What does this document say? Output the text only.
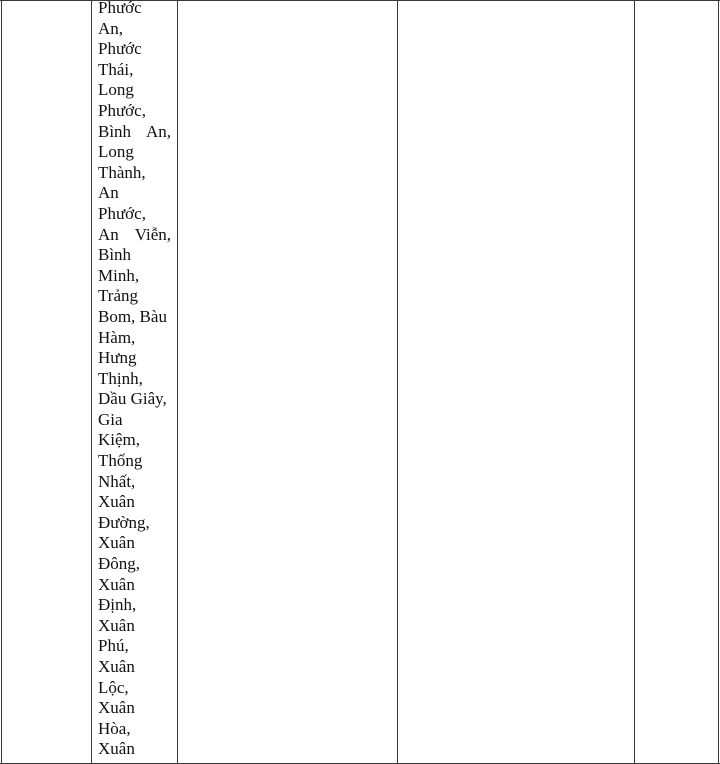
Phước
An,
Phước
Thái,
Long
Phước,
Bình An,
Long
Thành,
An
Phước,
An Viễn,
Bình
Minh,
Trảng
Bom, Bàu
Hàm,
Hưng
Thịnh,
Dầu Giây,
Gia
Kiệm,
Thống
Nhất,
Xuân
Đường,
Xuân
Đông,
Xuân
Định,
Xuân
Phú,
Xuân
Lộc,
Xuân
Hòa,
Xuân
